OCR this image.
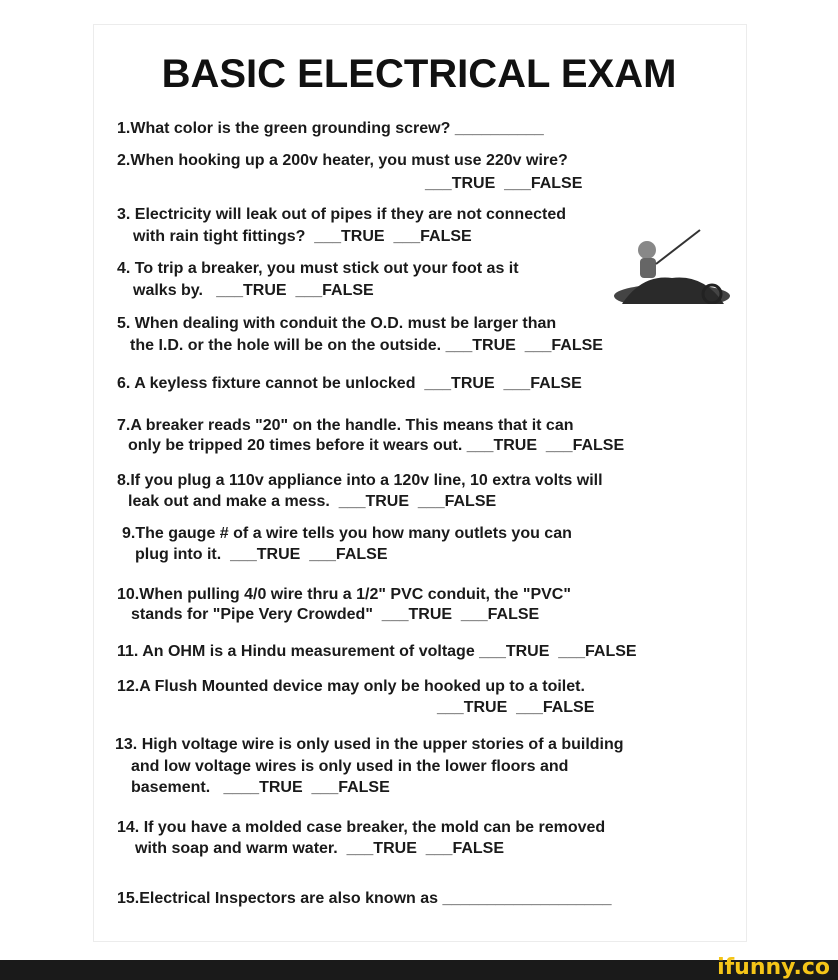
BASIC ELECTRICAL EXAM
1.What color is the green grounding screw? __________
2.When hooking up a 200v heater, you must use 220v wire?
___TRUE  ___FALSE
3. Electricity will leak out of pipes if they are not connected
with rain tight fittings?  ___TRUE  ___FALSE
4. To trip a breaker, you must stick out your foot as it
walks by.   ___TRUE  ___FALSE
5. When dealing with conduit the O.D. must be larger than
the I.D. or the hole will be on the outside. ___TRUE  ___FALSE
6. A keyless fixture cannot be unlocked  ___TRUE  ___FALSE
7.A breaker reads "20" on the handle. This means that it can
only be tripped 20 times before it wears out. ___TRUE  ___FALSE
8.If you plug a 110v appliance into a 120v line, 10 extra volts will
leak out and make a mess.  ___TRUE  ___FALSE
9.The gauge # of a wire tells you how many outlets you can
plug into it.  ___TRUE  ___FALSE
10.When pulling 4/0 wire thru a 1/2" PVC conduit, the "PVC"
stands for "Pipe Very Crowded"  ___TRUE  ___FALSE
11. An OHM is a Hindu measurement of voltage ___TRUE  ___FALSE
12.A Flush Mounted device may only be hooked up to a toilet.
___TRUE  ___FALSE
13. High voltage wire is only used in the upper stories of a building
and low voltage wires is only used in the lower floors and
basement.   ____TRUE  ___FALSE
14. If you have a molded case breaker, the mold can be removed
with soap and warm water.  ___TRUE  ___FALSE
15.Electrical Inspectors are also known as ___________________
ifunny.co
